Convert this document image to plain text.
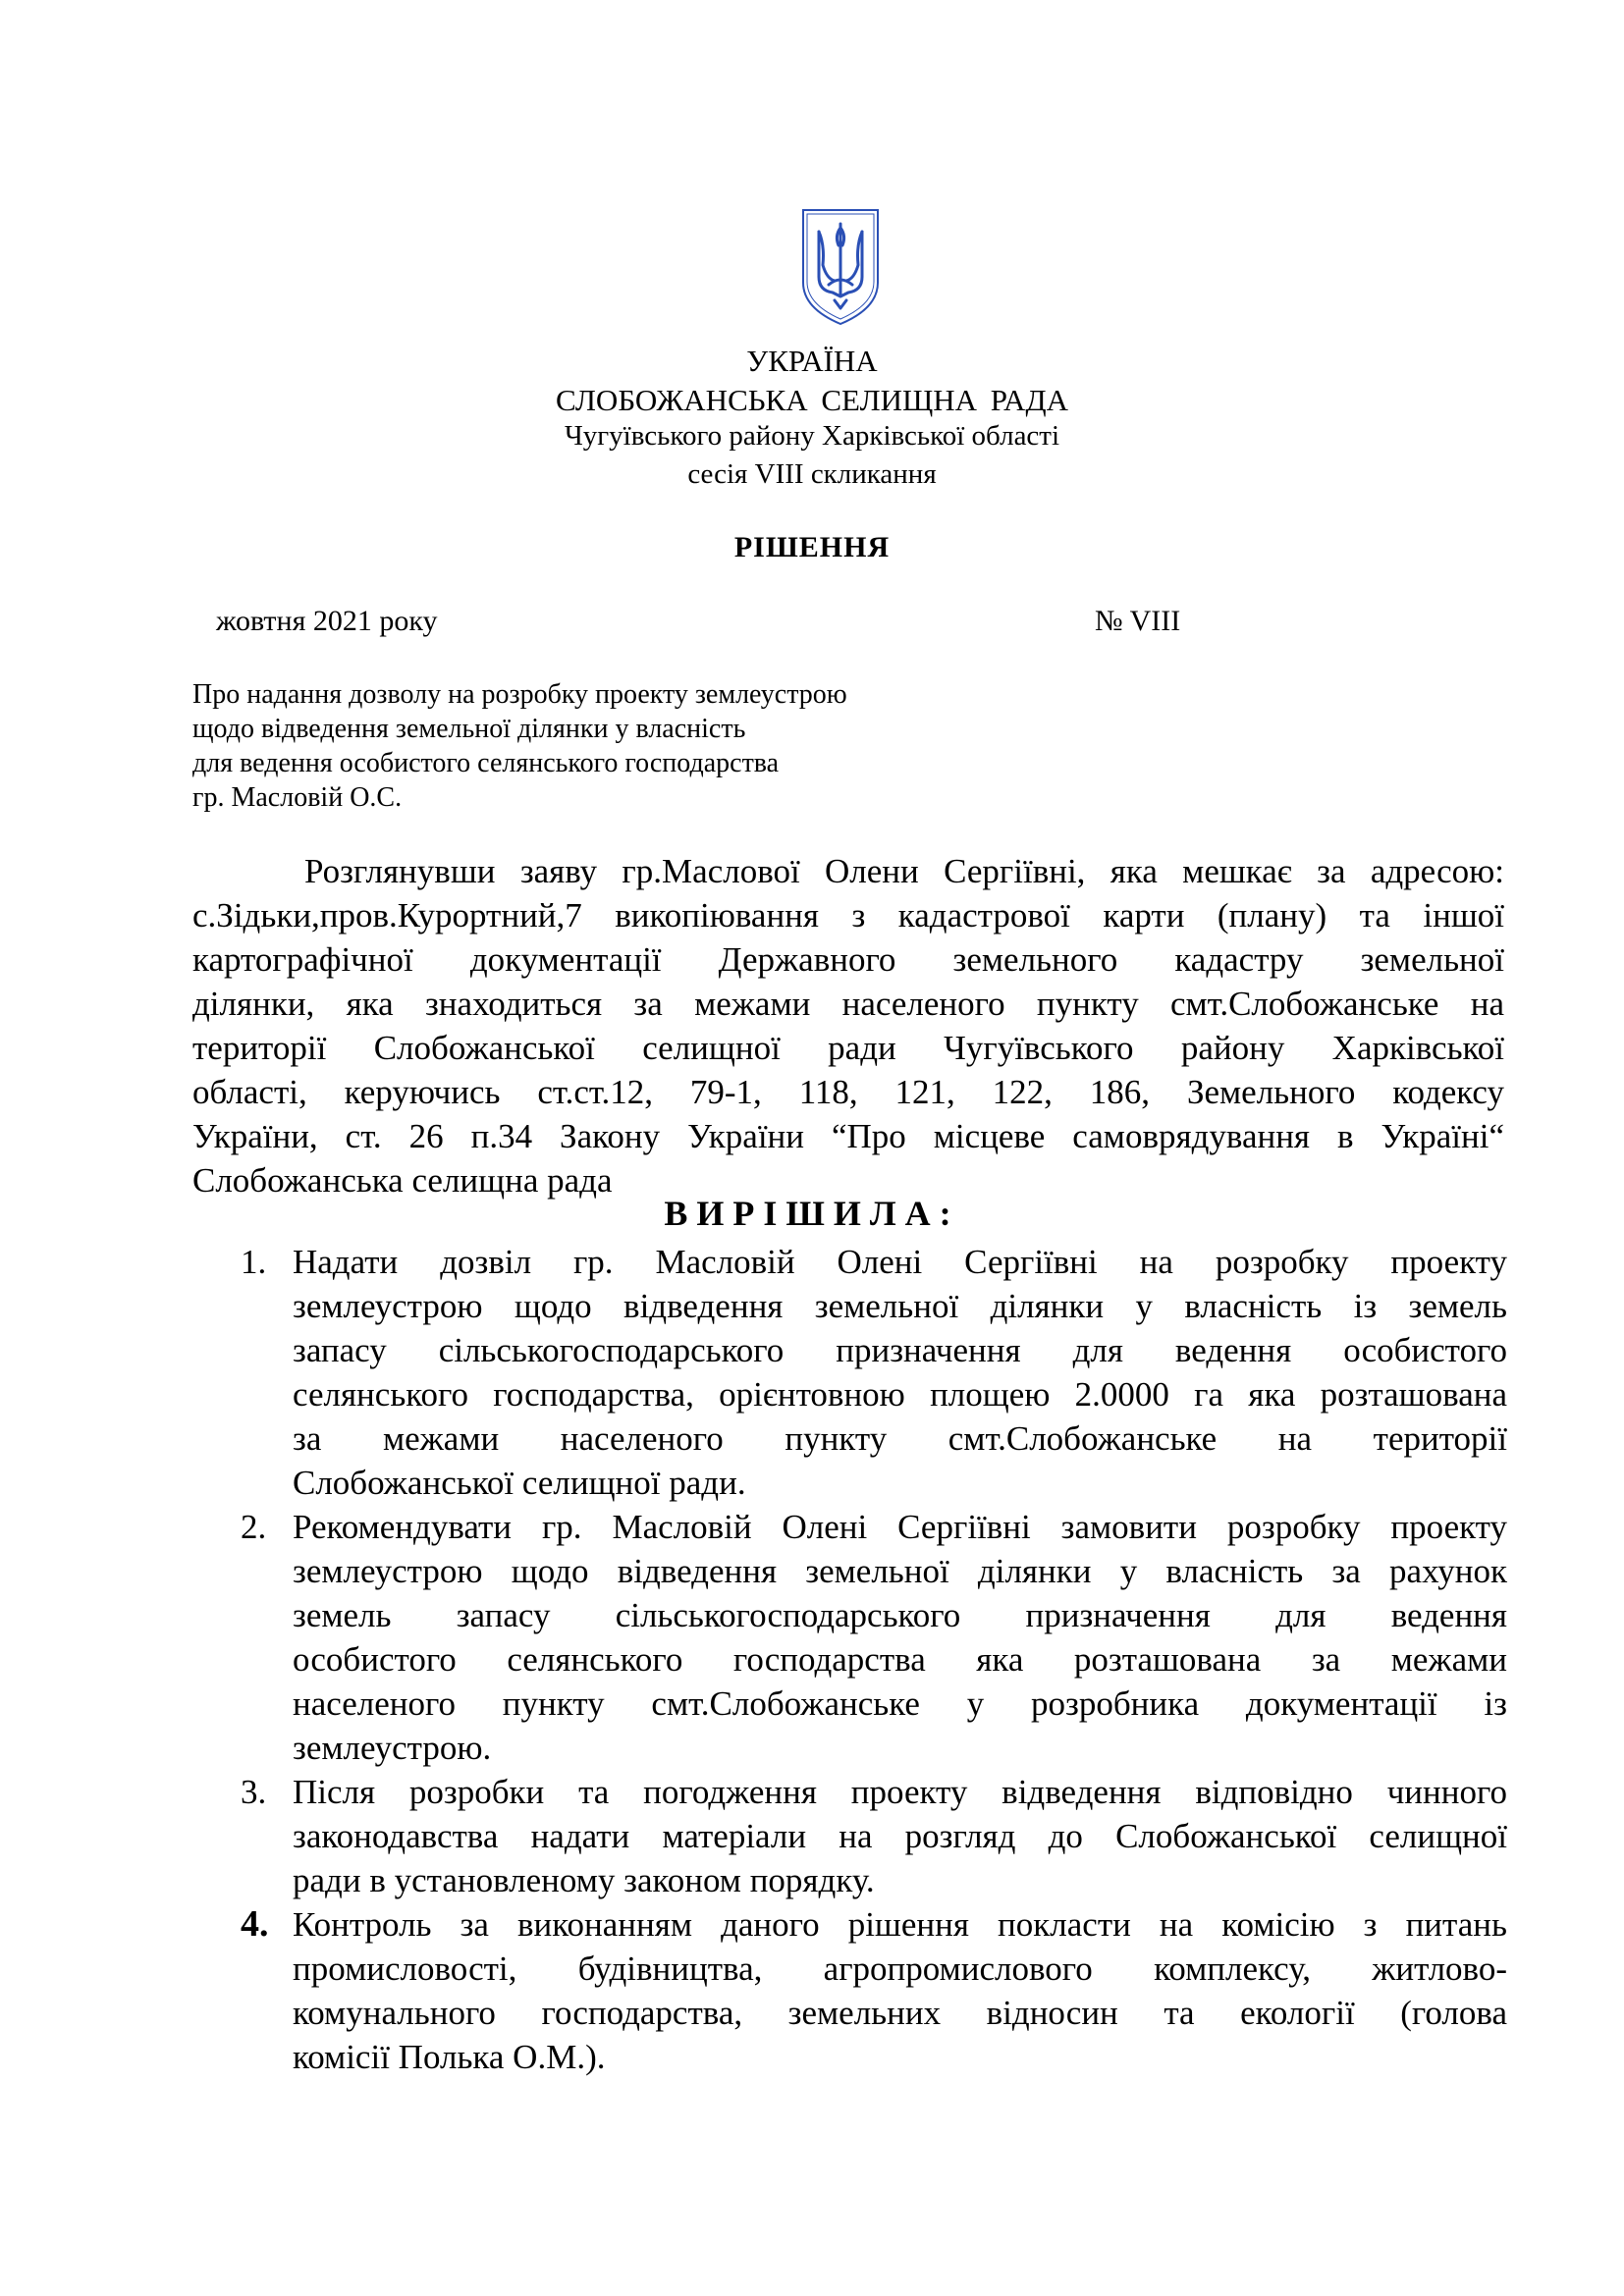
УКРАЇНА
СЛОБОЖАНСЬКА СЕЛИЩНА РАДА
Чугуївського району Харківської області
сесія VIII скликання
РІШЕННЯ
жовтня 2021 року	№ VIII
Про надання дозволу на розробку проекту землеустрою
щодо відведення земельної ділянки у власність
для ведення особистого селянського господарства
гр. Масловій О.С.
Розглянувши заяву гр.Маслової Олени Сергіївні, яка мешкає за адресою:
с.Зідьки,пров.Курортний,7 викопіювання з кадастрової карти (плану) та іншої
картографічної документації Державного земельного кадастру земельної
ділянки, яка знаходиться за межами населеного пункту смт.Слобожанське на
території Слобожанської селищної ради Чугуївського району Харківської
області, керуючись ст.ст.12, 79-1, 118, 121, 122, 186, Земельного кодексу
України, ст. 26 п.34 Закону України “Про місцеве самоврядування в Україні“
Слобожанська селищна рада
ВИРІШИЛА:
1. Надати дозвіл гр. Масловій Олені Сергіївні на розробку проекту
землеустрою щодо відведення земельної ділянки у власність із земель
запасу сільськогосподарського призначення для ведення особистого
селянського господарства, орієнтовною площею 2.0000 га яка розташована
за межами населеного пункту смт.Слобожанське на території
Слобожанської селищної ради.
2. Рекомендувати гр. Масловій Олені Сергіївні замовити розробку проекту
землеустрою щодо відведення земельної ділянки у власність за рахунок
земель запасу сільськогосподарського призначення для ведення
особистого селянського господарства яка розташована за межами
населеного пункту смт.Слобожанське у розробника документації із
землеустрою.
3. Після розробки та погодження проекту відведення відповідно чинного
законодавства надати матеріали на розгляд до Слобожанської селищної
ради в установленому законом порядку.
4. Контроль за виконанням даного рішення покласти на комісію з питань
промисловості, будівництва, агропромислового комплексу, житлово-
комунального господарства, земельних відносин та екології (голова
комісії Полька О.М.).
